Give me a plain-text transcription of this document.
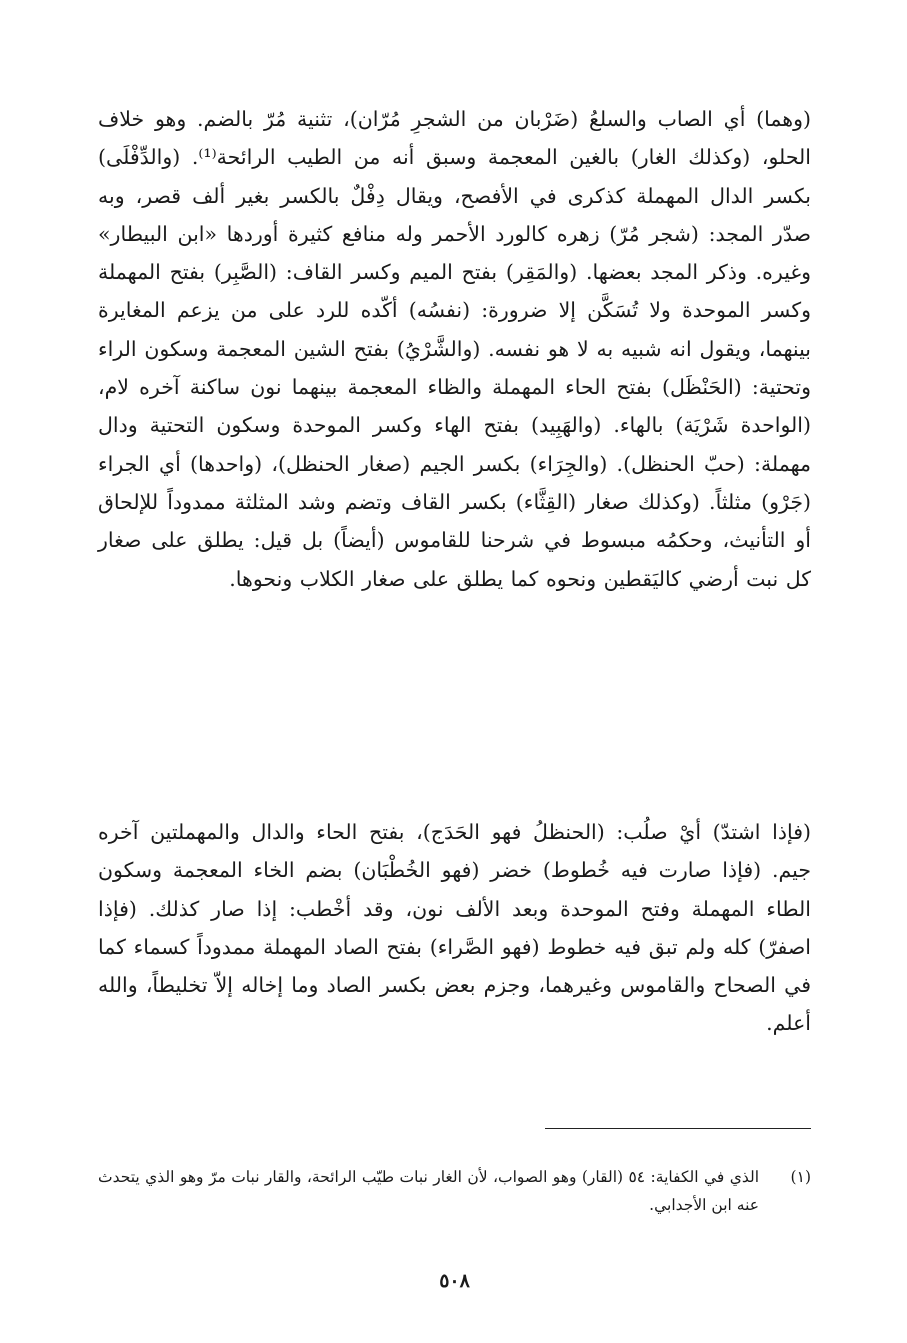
(وهما) أي الصاب والسلعُ (ضَرْبان من الشجرِ مُرّان)، تثنية مُرّ بالضم. وهو خلاف الحلو، (وكذلك الغار) بالغين المعجمة وسبق أنه من الطيب الرائحة⁽¹⁾. (والدِّفْلَى) بكسر الدال المهملة كذكرى في الأفصح، ويقال دِفْلٌ بالكسر بغير ألف قصر، وبه صدّر المجد: (شجر مُرّ) زهره كالورد الأحمر وله منافع كثيرة أوردها «ابن البيطار» وغيره. وذكر المجد بعضها. (والمَقِر) بفتح الميم وكسر القاف: (الصَّبِر) بفتح المهملة وكسر الموحدة ولا تُسَكَّن إلا ضرورة: (نفسُه) أكّده للرد على من يزعم المغايرة بينهما، ويقول انه شبيه به لا هو نفسه. (والشَّرْيُ) بفتح الشين المعجمة وسكون الراء وتحتية: (الحَنْظَل) بفتح الحاء المهملة والظاء المعجمة بينهما نون ساكنة آخره لام، (الواحدة شَرْيَة) بالهاء. (والهَبِيد) بفتح الهاء وكسر الموحدة وسكون التحتية ودال مهملة: (حبّ الحنظل). (والجِرَاء) بكسر الجيم (صغار الحنظل)، (واحدها) أي الجراء (جَرْو) مثلثاً. (وكذلك صغار (القِثَّاء) بكسر القاف وتضم وشد المثلثة ممدوداً للإلحاق أو التأنيث، وحكمُه مبسوط في شرحنا للقاموس (أيضاً) بل قيل: يطلق على صغار كل نبت أرضي كاليَقطين ونحوه كما يطلق على صغار الكلاب ونحوها.

(فإذا اشتدّ) أيْ صلُب: (الحنظلُ فهو الحَدَج)، بفتح الحاء والدال والمهملتين آخره جيم. (فإذا صارت فيه خُطوط) خضر (فهو الخُطْبَان) بضم الخاء المعجمة وسكون الطاء المهملة وفتح الموحدة وبعد الألف نون، وقد أخْطب: إذا صار كذلك. (فإذا اصفرّ) كله ولم تبق فيه خطوط (فهو الصَّراء) بفتح الصاد المهملة ممدوداً كسماء كما في الصحاح والقاموس وغيرهما، وجزم بعض بكسر الصاد وما إخاله إلاّ تخليطاً، والله أعلم.

(١)
الذي في الكفاية: ٥٤ (القار) وهو الصواب، لأن الغار نبات طيّب الرائحة، والقار نبات مرّ وهو الذي يتحدث عنه ابن الأجدابي.
٥٠٨
